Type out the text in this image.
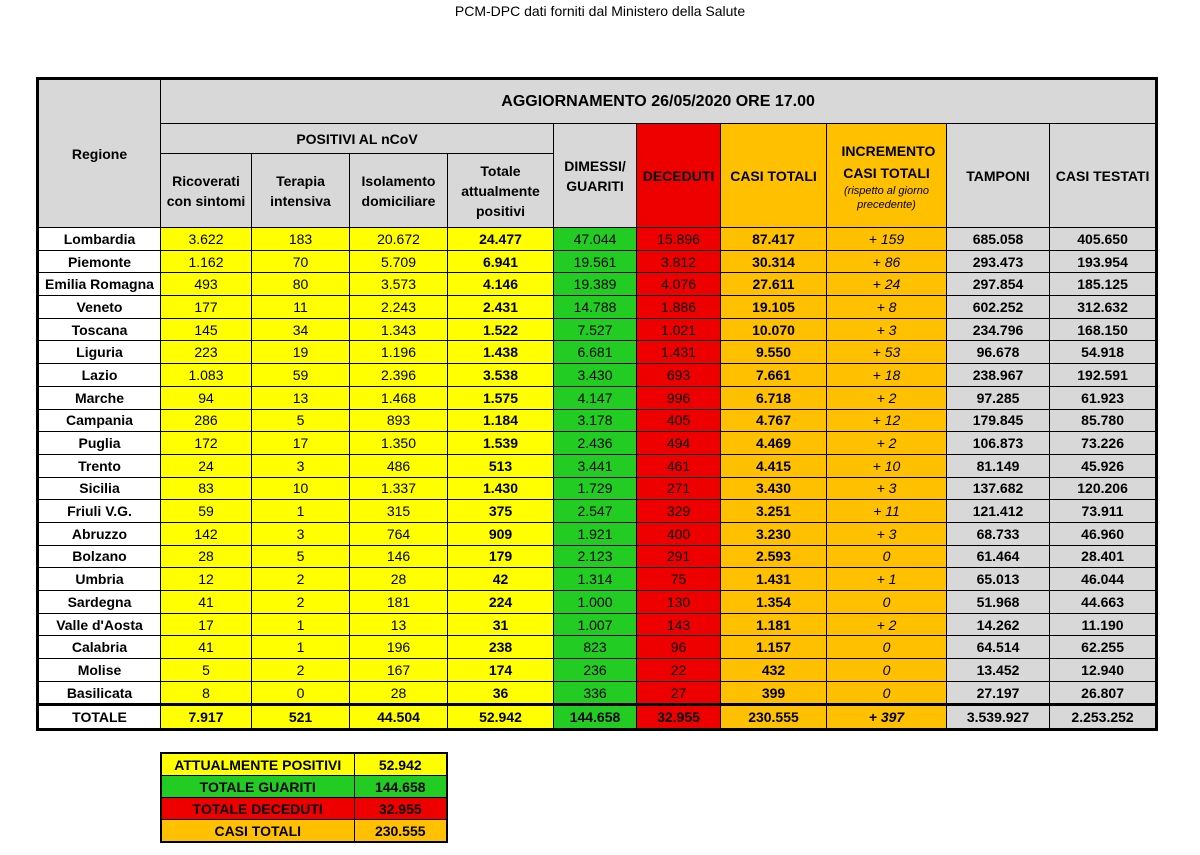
PCM-DPC dati forniti dal Ministero della Salute
Regione	AGGIORNAMENTO 26/05/2020 ORE 17.00									
	POSITIVI AL nCoV				DIMESSI/ GUARITI	DECEDUTI	CASI TOTALI	INCREMENTO CASI TOTALI
(rispetto al giorno precedente)	TAMPONI	CASI TESTATI

	Ricoverati con sintomi	Terapia intensiva	Isolamento domiciliare	Totale attualmente positivi						

Lombardia	3.622	183	20.672	24.477	47.044	15.896	87.417	+ 159	685.058	405.650
Piemonte	1.162	70	5.709	6.941	19.561	3.812	30.314	+ 86	293.473	193.954
Emilia Romagna	493	80	3.573	4.146	19.389	4.076	27.611	+ 24	297.854	185.125
Veneto	177	11	2.243	2.431	14.788	1.886	19.105	+ 8	602.252	312.632
Toscana	145	34	1.343	1.522	7.527	1.021	10.070	+ 3	234.796	168.150
Liguria	223	19	1.196	1.438	6.681	1.431	9.550	+ 53	96.678	54.918
Lazio	1.083	59	2.396	3.538	3.430	693	7.661	+ 18	238.967	192.591
Marche	94	13	1.468	1.575	4.147	996	6.718	+ 2	97.285	61.923
Campania	286	5	893	1.184	3.178	405	4.767	+ 12	179.845	85.780
Puglia	172	17	1.350	1.539	2.436	494	4.469	+ 2	106.873	73.226
Trento	24	3	486	513	3.441	461	4.415	+ 10	81.149	45.926
Sicilia	83	10	1.337	1.430	1.729	271	3.430	+ 3	137.682	120.206
Friuli V.G.	59	1	315	375	2.547	329	3.251	+ 11	121.412	73.911
Abruzzo	142	3	764	909	1.921	400	3.230	+ 3	68.733	46.960
Bolzano	28	5	146	179	2.123	291	2.593	0	61.464	28.401
Umbria	12	2	28	42	1.314	75	1.431	+ 1	65.013	46.044
Sardegna	41	2	181	224	1.000	130	1.354	0	51.968	44.663
Valle d'Aosta	17	1	13	31	1.007	143	1.181	+ 2	14.262	11.190
Calabria	41	1	196	238	823	96	1.157	0	64.514	62.255
Molise	5	2	167	174	236	22	432	0	13.452	12.940
Basilicata	8	0	28	36	336	27	399	0	27.197	26.807
TOTALE	7.917	521	44.504	52.942	144.658	32.955	230.555	+ 397	3.539.927	2.253.252
ATTUALMENTE POSITIVI	52.942
TOTALE GUARITI	144.658
TOTALE DECEDUTI	32.955
CASI TOTALI	230.555
